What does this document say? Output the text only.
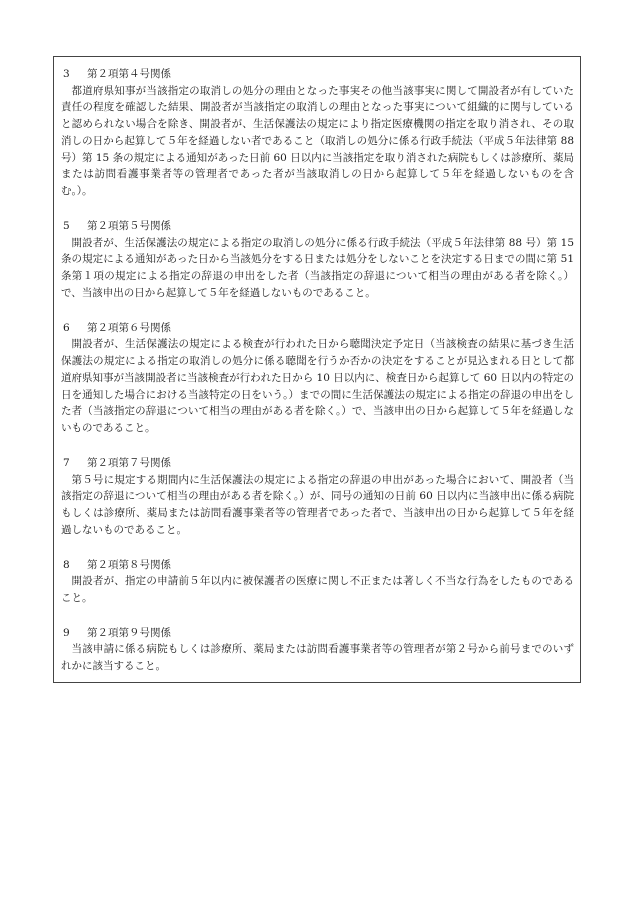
3 第２項第４号関係

都道府県知事が当該指定の取消しの処分の理由となった事実その他当該事実に関して開設者が有していた責任の程度を確認した結果、開設者が当該指定の取消しの理由となった事実について組織的に関与していると認められない場合を除き、開設者が、生活保護法の規定により指定医療機関の指定を取り消され、その取消しの日から起算して５年を経過しない者であること（取消しの処分に係る行政手続法（平成５年法律第 88 号）第 15 条の規定による通知があった日前 60 日以内に当該指定を取り消された病院もしくは診療所、薬局または訪問看護事業者等の管理者であった者が当該取消しの日から起算して５年を経過しないものを含む。）。

5 第２項第５号関係

開設者が、生活保護法の規定による指定の取消しの処分に係る行政手続法（平成５年法律第 88 号）第 15 条の規定による通知があった日から当該処分をする日または処分をしないことを決定する日までの間に第 51 条第１項の規定による指定の辞退の申出をした者（当該指定の辞退について相当の理由がある者を除く。）で、当該申出の日から起算して５年を経過しないものであること。

6 第２項第６号関係

開設者が、生活保護法の規定による検査が行われた日から聴聞決定予定日（当該検査の結果に基づき生活保護法の規定による指定の取消しの処分に係る聴聞を行うか否かの決定をすることが見込まれる日として都道府県知事が当該開設者に当該検査が行われた日から 10 日以内に、検査日から起算して 60 日以内の特定の日を通知した場合における当該特定の日をいう。）までの間に生活保護法の規定による指定の辞退の申出をした者（当該指定の辞退について相当の理由がある者を除く。）で、当該申出の日から起算して５年を経過しないものであること。

7 第２項第７号関係

第５号に規定する期間内に生活保護法の規定による指定の辞退の申出があった場合において、開設者（当該指定の辞退について相当の理由がある者を除く。）が、同号の通知の日前 60 日以内に当該申出に係る病院もしくは診療所、薬局または訪問看護事業者等の管理者であった者で、当該申出の日から起算して５年を経過しないものであること。

8 第２項第８号関係

開設者が、指定の申請前５年以内に被保護者の医療に関し不正または著しく不当な行為をしたものであること。

9 第２項第９号関係

当該申請に係る病院もしくは診療所、薬局または訪問看護事業者等の管理者が第２号から前号までのいずれかに該当すること。
